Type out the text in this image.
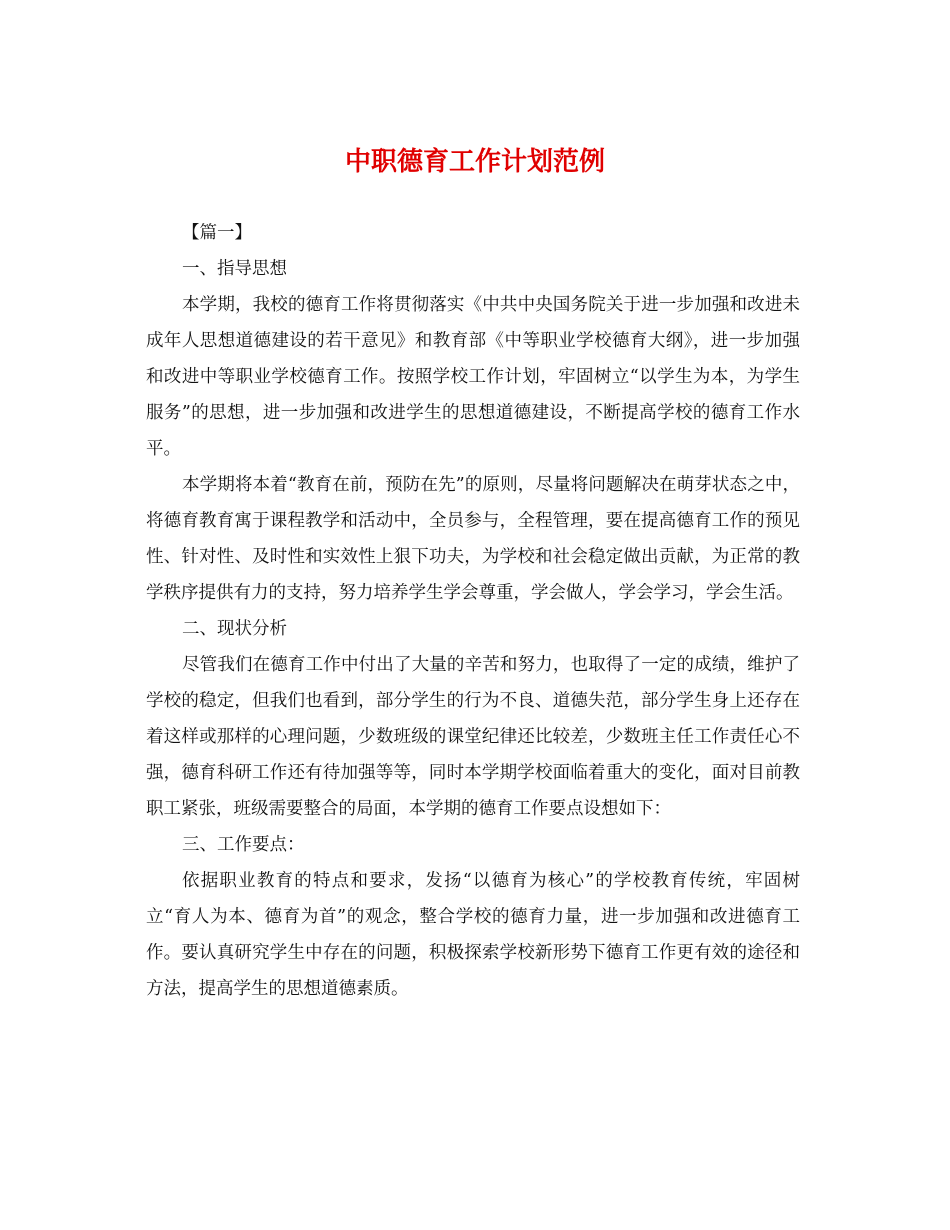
中职德育工作计划范例

【篇一】

一、指导思想

本学期，我校的德育工作将贯彻落实《中共中央国务院关于进一步加强和改进未成年人思想道德建设的若干意见》和教育部《中等职业学校德育大纲》，进一步加强和改进中等职业学校德育工作。按照学校工作计划，牢固树立“以学生为本，为学生服务”的思想，进一步加强和改进学生的思想道德建设，不断提高学校的德育工作水平。

本学期将本着“教育在前，预防在先”的原则，尽量将问题解决在萌芽状态之中，将德育教育寓于课程教学和活动中，全员参与，全程管理，要在提高德育工作的预见性、针对性、及时性和实效性上狠下功夫，为学校和社会稳定做出贡献，为正常的教学秩序提供有力的支持，努力培养学生学会尊重，学会做人，学会学习，学会生活。

二、现状分析

尽管我们在德育工作中付出了大量的辛苦和努力，也取得了一定的成绩，维护了学校的稳定，但我们也看到，部分学生的行为不良、道德失范，部分学生身上还存在着这样或那样的心理问题，少数班级的课堂纪律还比较差，少数班主任工作责任心不强，德育科研工作还有待加强等等，同时本学期学校面临着重大的变化，面对目前教职工紧张，班级需要整合的局面，本学期的德育工作要点设想如下：

三、工作要点：

依据职业教育的特点和要求，发扬“以德育为核心”的学校教育传统，牢固树立“育人为本、德育为首”的观念，整合学校的德育力量，进一步加强和改进德育工作。要认真研究学生中存在的问题，积极探索学校新形势下德育工作更有效的途径和方法，提高学生的思想道德素质。
